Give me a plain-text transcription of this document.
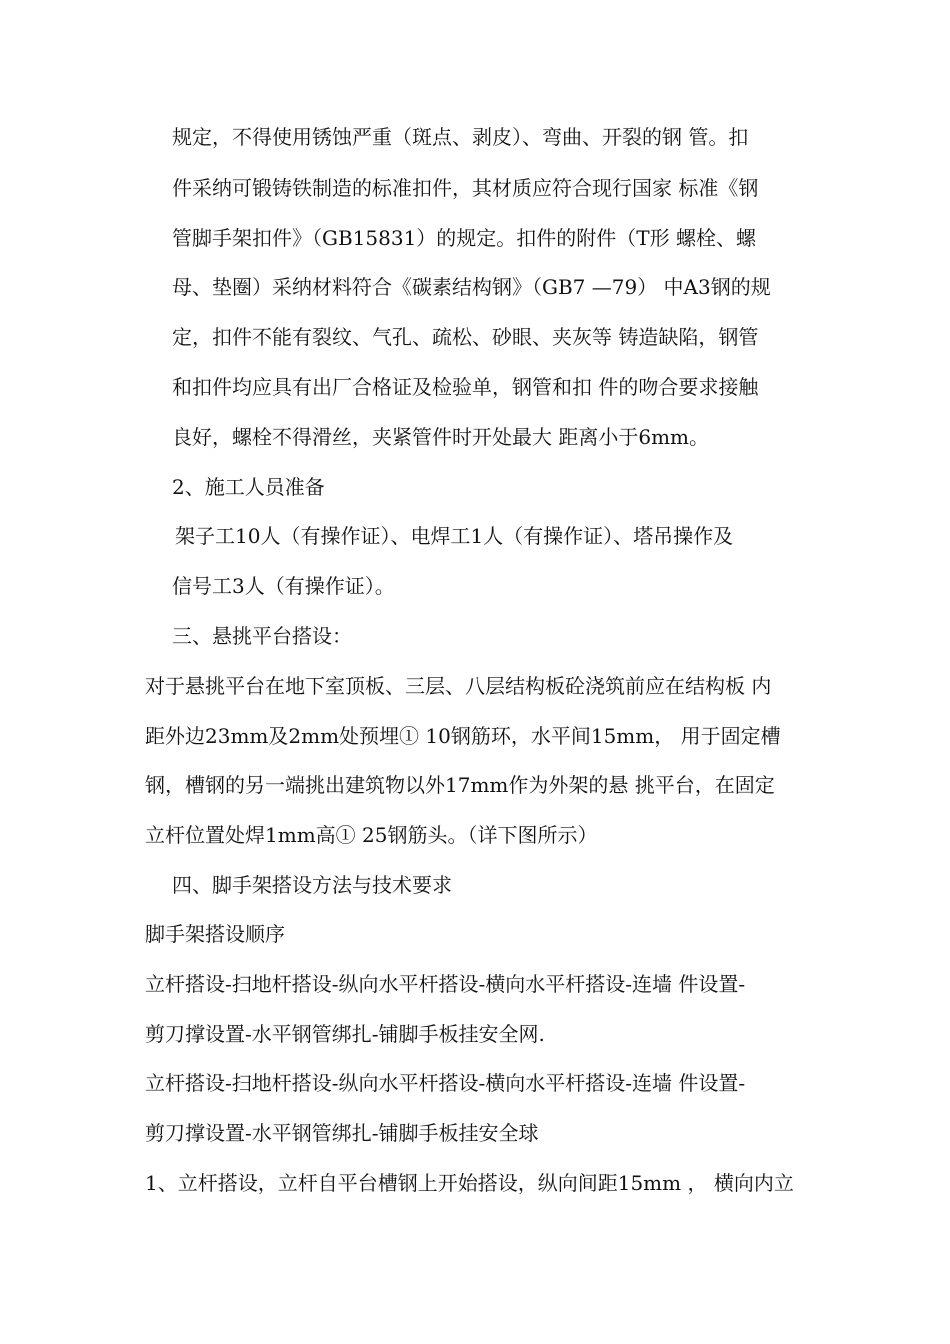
规定，不得使用锈蚀严重（斑点、剥皮）、弯曲、开裂的钢 管。扣
件采纳可锻铸铁制造的标准扣件，其材质应符合现行国家 标准《钢
管脚手架扣件》（GB15831）的规定。扣件的附件（T形 螺栓、螺
母、垫圈）采纳材料符合《碳素结构钢》（GB7 —79） 中A3钢的规
定，扣件不能有裂纹、气孔、疏松、砂眼、夹灰等 铸造缺陷，钢管
和扣件均应具有出厂合格证及检验单，钢管和扣 件的吻合要求接触
良好，螺栓不得滑丝，夹紧管件时开处最大 距离小于6mm。
2、施工人员准备
架子工10人（有操作证）、电焊工1人（有操作证）、塔吊操作及
信号工3人（有操作证）。
三、悬挑平台搭设：
对于悬挑平台在地下室顶板、三层、八层结构板砼浇筑前应在结构板 内
距外边23mm及2mm处预埋① 10钢筋环，水平间15mm， 用于固定槽
钢，槽钢的另一端挑出建筑物以外17mm作为外架的悬 挑平台，在固定
立杆位置处焊1mm高① 25钢筋头。（详下图所示）
四、脚手架搭设方法与技术要求
脚手架搭设顺序
立杆搭设-扫地杆搭设-纵向水平杆搭设-横向水平杆搭设-连墙 件设置-
剪刀撑设置-水平钢管绑扎-铺脚手板挂安全网.
立杆搭设-扫地杆搭设-纵向水平杆搭设-横向水平杆搭设-连墙 件设置-
剪刀撑设置-水平钢管绑扎-铺脚手板挂安全球
1、立杆搭设，立杆自平台槽钢上开始搭设，纵向间距15mm ， 横向内立
